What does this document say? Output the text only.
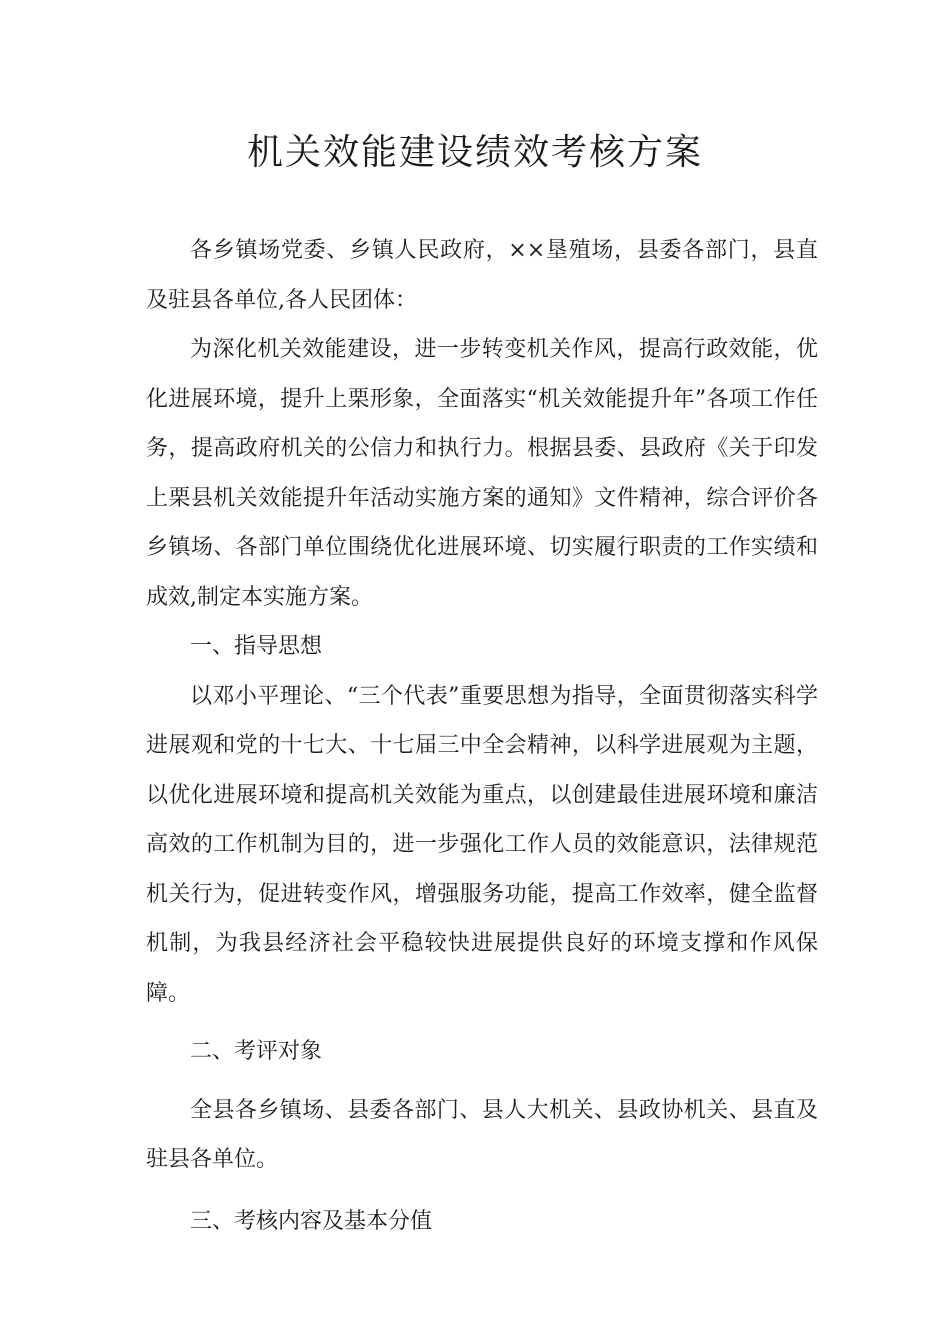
机关效能建设绩效考核方案

各乡镇场党委、乡镇人民政府，××垦殖场，县委各部门，县直及驻县各单位,各人民团体：

为深化机关效能建设，进一步转变机关作风，提高行政效能，优化进展环境，提升上栗形象，全面落实“机关效能提升年”各项工作任务，提高政府机关的公信力和执行力。根据县委、县政府《关于印发上栗县机关效能提升年活动实施方案的通知》文件精神，综合评价各乡镇场、各部门单位围绕优化进展环境、切实履行职责的工作实绩和成效,制定本实施方案。

一、指导思想

以邓小平理论、“三个代表”重要思想为指导，全面贯彻落实科学进展观和党的十七大、十七届三中全会精神，以科学进展观为主题，以优化进展环境和提高机关效能为重点，以创建最佳进展环境和廉洁高效的工作机制为目的，进一步强化工作人员的效能意识，法律规范机关行为，促进转变作风，增强服务功能，提高工作效率，健全监督机制，为我县经济社会平稳较快进展提供良好的环境支撑和作风保障。

二、考评对象

全县各乡镇场、县委各部门、县人大机关、县政协机关、县直及驻县各单位。

三、考核内容及基本分值
